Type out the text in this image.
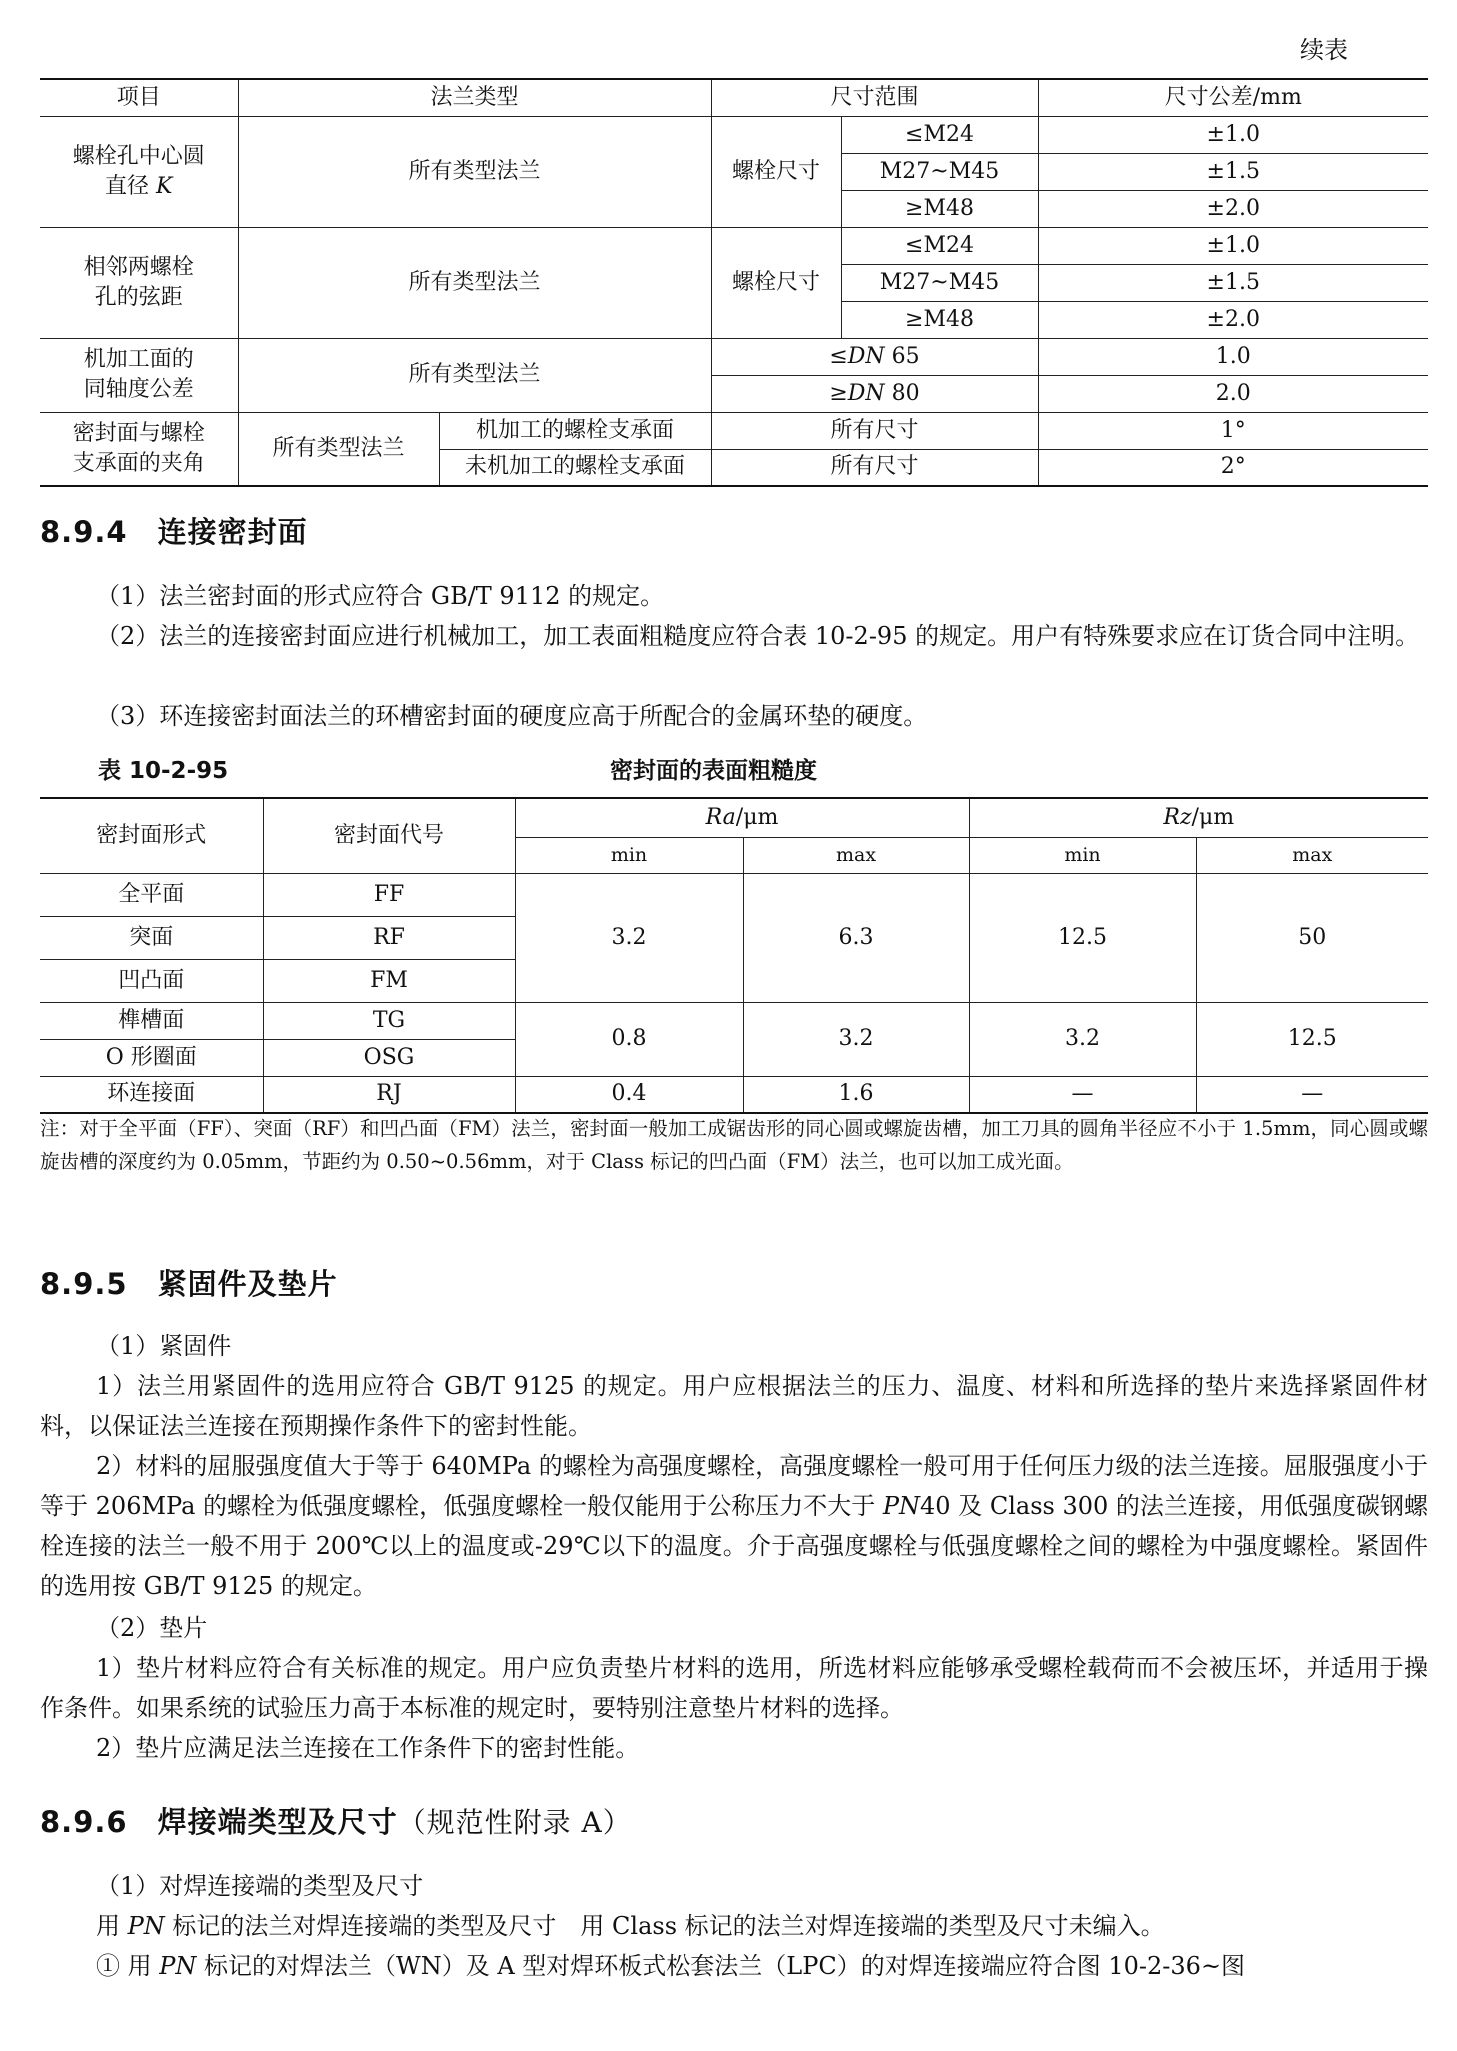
续表
项目	法兰类型		尺寸范围		尺寸公差/mm
螺栓孔中心圆
直径 K	所有类型法兰		螺栓尺寸	≤M24	±1.0
				M27~M45	±1.5
				≥M48	±2.0
相邻两螺栓
孔的弦距	所有类型法兰		螺栓尺寸	≤M24	±1.0
				M27~M45	±1.5
				≥M48	±2.0
机加工面的
同轴度公差	所有类型法兰		≤DN 65		1.0
			≥DN 80		2.0
密封面与螺栓
支承面的夹角	所有类型法兰	机加工的螺栓支承面	所有尺寸		1°
		未机加工的螺栓支承面	所有尺寸		2°
8.9.4　连接密封面
（1）法兰密封面的形式应符合 GB/T 9112 的规定。
（2）法兰的连接密封面应进行机械加工，加工表面粗糙度应符合表 10-2-95 的规定。用户有特殊要求应在订货合同中注明。
（3）环连接密封面法兰的环槽密封面的硬度应高于所配合的金属环垫的硬度。
表 10-2-95	密封面的表面粗糙度
密封面形式	密封面代号	Ra/μm		Rz/μm	
		min	max	min	max
全平面	FF	3.2	6.3	12.5	50
突面	RF				
凹凸面	FM				
榫槽面	TG	0.8	3.2	3.2	12.5
O 形圈面	OSG				
环连接面	RJ	0.4	1.6	—	—
注：对于全平面（FF）、突面（RF）和凹凸面（FM）法兰，密封面一般加工成锯齿形的同心圆或螺旋齿槽，加工刀具的圆角半径应不小于 1.5mm，同心圆或螺旋齿槽的深度约为 0.05mm，节距约为 0.50~0.56mm，对于 Class 标记的凹凸面（FM）法兰，也可以加工成光面。
8.9.5　紧固件及垫片
（1）紧固件
1）法兰用紧固件的选用应符合 GB/T 9125 的规定。用户应根据法兰的压力、温度、材料和所选择的垫片来选择紧固件材料，以保证法兰连接在预期操作条件下的密封性能。
2）材料的屈服强度值大于等于 640MPa 的螺栓为高强度螺栓，高强度螺栓一般可用于任何压力级的法兰连接。屈服强度小于等于 206MPa 的螺栓为低强度螺栓，低强度螺栓一般仅能用于公称压力不大于 PN40 及 Class 300 的法兰连接，用低强度碳钢螺栓连接的法兰一般不用于 200℃以上的温度或-29℃以下的温度。介于高强度螺栓与低强度螺栓之间的螺栓为中强度螺栓。紧固件的选用按 GB/T 9125 的规定。
（2）垫片
1）垫片材料应符合有关标准的规定。用户应负责垫片材料的选用，所选材料应能够承受螺栓载荷而不会被压坏，并适用于操作条件。如果系统的试验压力高于本标准的规定时，要特别注意垫片材料的选择。
2）垫片应满足法兰连接在工作条件下的密封性能。
8.9.6　焊接端类型及尺寸（规范性附录 A）
（1）对焊连接端的类型及尺寸
用 PN 标记的法兰对焊连接端的类型及尺寸　用 Class 标记的法兰对焊连接端的类型及尺寸未编入。
① 用 PN 标记的对焊法兰（WN）及 A 型对焊环板式松套法兰（LPC）的对焊连接端应符合图 10-2-36~图
